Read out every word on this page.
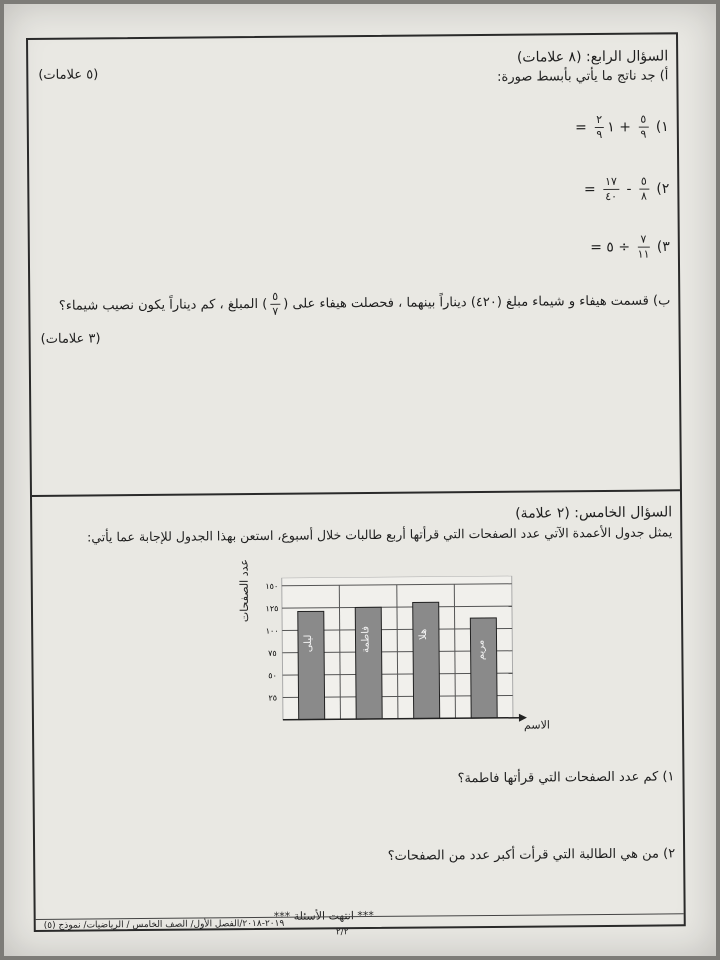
السؤال الرابع: (٨ علامات)
(٥ علامات)	أ) جد ناتج ما يأتي بأبسط صورة:
١)
$\frac{٥}{٩}$
+ ١
$\frac{٢}{٩}$
=
٢)
$\frac{٥}{٨}$
-
$\frac{١٧}{٤٠}$
=
٣)
$\frac{٧}{١١}$
÷ ٥ =
ب) قسمت هيفاء و شيماء مبلغ (٤٢٠) ديناراً بينهما ، فحصلت هيفاء على (
$\frac{٥}{٧}$
) المبلغ ، كم ديناراً يكون نصيب شيماء؟
(٣ علامات)
السؤال الخامس: (٢ علامة)
يمثل جدول الأعمدة الآتي عدد الصفحات التي قرأتها أربع طالبات خلال أسبوع، استعن بهذا الجدول للإجابة عما يأتي:
مريم
هلا
فاطمة
ليلى
٢٥
٥٠
٧٥
١٠٠
١٢٥
١٥٠
عدد الصفحات
الاسم
١) كم عدد الصفحات التي قرأتها فاطمة؟
٢) من هي الطالبة التي قرأت أكبر عدد من الصفحات؟
*** انتهت الأسئلة ***
٢٠١٩-٢٠١٨/الفصل الأول/ الصف الخامس / الرياضيات/ نموذج (٥)
٢/٢
